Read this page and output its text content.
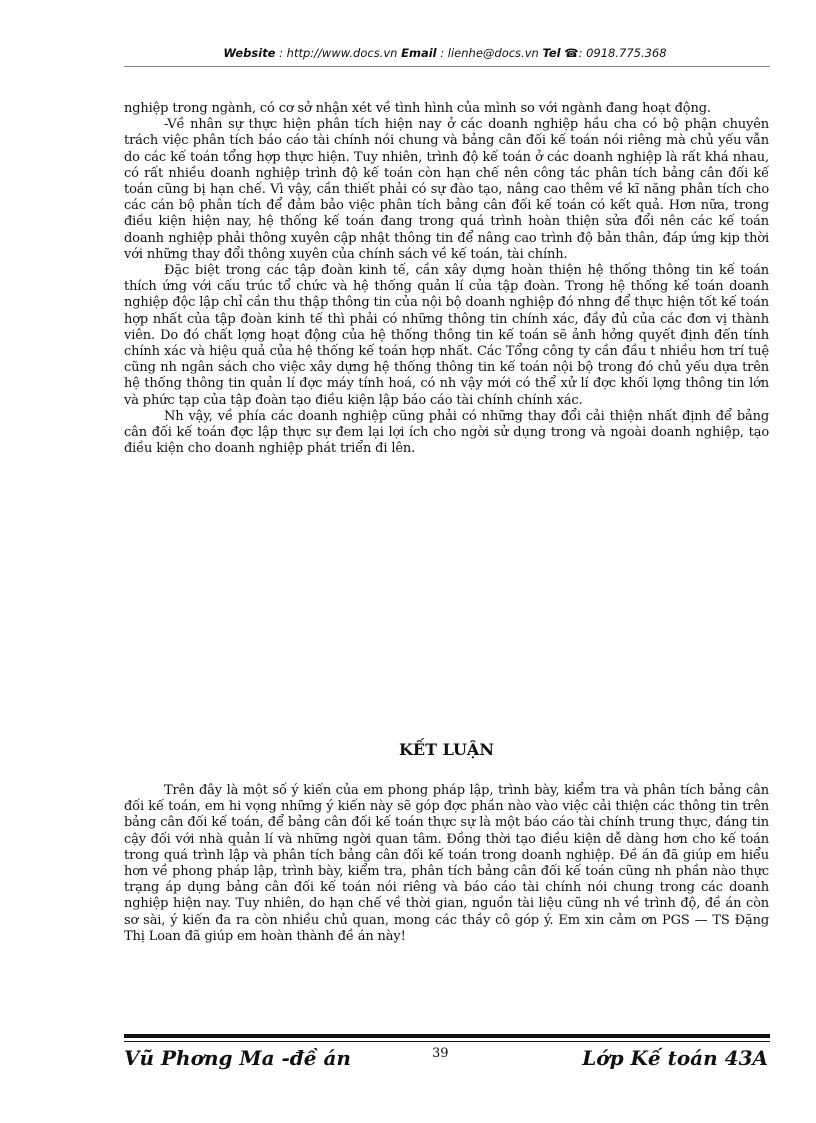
Website : http://www.docs.vn Email : lienhe@docs.vn Tel ☎: 0918.775.368

nghiệp trong ngành, có cơ sở nhận xét về tình hình của mình so với ngành đang hoạt động.

-Về nhân sự thực hiện phân tích hiện nay ở các doanh nghiệp hầu cha có bộ phận chuyên trách việc phân tích báo cáo tài chính nói chung và bảng cân đối kế toán nói riêng mà chủ yếu vẫn do các kế toán tổng hợp thực hiện. Tuy nhiên, trình độ kế toán ở các doanh nghiệp là rất khá nhau, có rất nhiều doanh nghiệp trình độ kế toán còn hạn chế nên công tác phân tích bảng cân đối kế toán cũng bị hạn chế. Vì vậy, cần thiết phải có sự đào tạo, nâng cao thêm về kĩ năng phân tích cho các cán bộ phân tích để đảm bảo việc phân tích bảng cân đối kế toán có kết quả. Hơn nữa, trong điều kiện hiện nay, hệ thống kế toán đang trong quá trình hoàn thiện sửa đổi nên các kế toán doanh nghiệp phải thông xuyên cập nhật thông tin để nâng cao trình độ bản thân, đáp ứng kịp thời với những thay đổi thông xuyên của chính sách về kế toán, tài chính.

Đặc biệt trong các tập đoàn kinh tế, cần xây dựng hoàn thiện hệ thống thông tin kế toán thích ứng với cấu trúc tổ chức và hệ thống quản lí của tập đoàn. Trong hệ thống kế toán doanh nghiệp độc lập chỉ cần thu thập thông tin của nội bộ doanh nghiệp đó nhng để thực hiện tốt kế toán hợp nhất của tập đoàn kinh tế thì phải có những thông tin chính xác, đầy đủ của các đơn vị thành viên. Do đó chất lợng hoạt động của hệ thống thông tin kế toán sẽ ảnh hởng quyết định đến tính chính xác và hiệu quả của hệ thống kế toán hợp nhất. Các Tổng công ty cần đầu t nhiều hơn trí tuệ cũng nh ngân sách cho việc xây dựng hệ thống thông tin kế toán nội bộ trong đó chủ yếu dựa trên hệ thống thông tin quản lí đợc máy tính hoá, có nh vậy mới có thể xử lí đợc khối lợng thông tin lớn và phức tạp của tập đoàn tạo điều kiện lập báo cáo tài chính chính xác.

Nh vậy, về phía các doanh nghiệp cũng phải có những thay đổi cải thiện nhất định để bảng cân đối kế toán đợc lập thực sự đem lại lợi ích cho ngời sử dụng trong và ngoài doanh nghiệp, tạo điều kiện cho doanh nghiệp phát triển đi lên.

KẾT LUẬN

Trên đây là một số ý kiến của em phong pháp lập, trình bày, kiểm tra và phân tích bảng cân đối kế toán, em hi vọng những ý kiến này sẽ góp đợc phần nào vào việc cải thiện các thông tin trên bảng cân đối kế toán, để bảng cân đối kế toán thực sự là một báo cáo tài chính trung thực, đáng tin cậy đối với nhà quản lí và những ngời quan tâm. Đồng thời tạo điều kiện dễ dàng hơn cho kế toán trong quá trình lập và phân tích bảng cân đối kế toán trong doanh nghiệp. Đề án đã giúp em hiểu hơn về phong pháp lập, trình bày, kiểm tra, phân tích bảng cân đối kế toán cũng nh phần nào thực trạng áp dụng bảng cân đối kế toán nói riêng và báo cáo tài chính nói chung trong các doanh nghiệp hiện nay. Tuy nhiên, do hạn chế về thời gian, nguồn tài liệu cũng nh về trình độ, đề án còn sơ sài, ý kiến đa ra còn nhiều chủ quan, mong các thầy cô góp ý. Em xin cảm ơn PGS — TS Đặng Thị Loan đã giúp em hoàn thành đề án này!

Vũ Phơng Ma -đề án	39	Lớp Kế toán 43A
